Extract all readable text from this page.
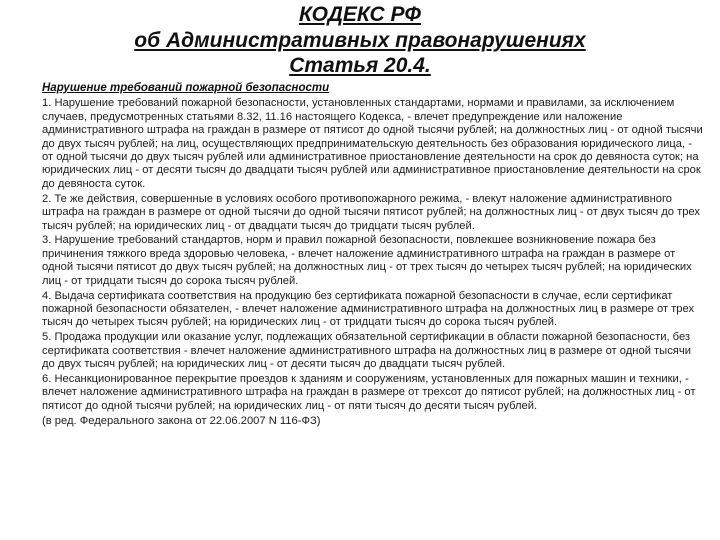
КОДЕКС РФ
об Административных правонарушениях
Статья 20.4.

Нарушение требований пожарной безопасности

1. Нарушение требований пожарной безопасности, установленных стандартами, нормами и правилами, за исключением случаев, предусмотренных статьями 8.32, 11.16 настоящего Кодекса, - влечет предупреждение или наложение административного штрафа на граждан в размере от пятисот до одной тысячи рублей; на должностных лиц - от одной тысячи до двух тысяч рублей; на лиц, осуществляющих предпринимательскую деятельность без образования юридического лица, - от одной тысячи до двух тысяч рублей или административное приостановление деятельности на срок до девяноста суток; на юридических лиц - от десяти тысяч до двадцати тысяч рублей или административное приостановление деятельности на срок до девяноста суток.

2. Те же действия, совершенные в условиях особого противопожарного режима, - влекут наложение административного штрафа на граждан в размере от одной тысячи до одной тысячи пятисот рублей; на должностных лиц - от двух тысяч до трех тысяч рублей; на юридических лиц - от двадцати тысяч до тридцати тысяч рублей.

3. Нарушение требований стандартов, норм и правил пожарной безопасности, повлекшее возникновение пожара без причинения тяжкого вреда здоровью человека, - влечет наложение административного штрафа на граждан в размере от одной тысячи пятисот до двух тысяч рублей; на должностных лиц - от трех тысяч до четырех тысяч рублей; на юридических лиц - от тридцати тысяч до сорока тысяч рублей.

4. Выдача сертификата соответствия на продукцию без сертификата пожарной безопасности в случае, если сертификат пожарной безопасности обязателен, - влечет наложение административного штрафа на должностных лиц в размере от трех тысяч до четырех тысяч рублей; на юридических лиц - от тридцати тысяч до сорока тысяч рублей.

5. Продажа продукции или оказание услуг, подлежащих обязательной сертификации в области пожарной безопасности, без сертификата соответствия - влечет наложение административного штрафа на должностных лиц в размере от одной тысячи до двух тысяч рублей; на юридических лиц - от десяти тысяч до двадцати тысяч рублей.

6. Несанкционированное перекрытие проездов к зданиям и сооружениям, установленных для пожарных машин и техники, - влечет наложение административного штрафа на граждан в размере от трехсот до пятисот рублей; на должностных лиц - от пятисот до одной тысячи рублей; на юридических лиц - от пяти тысяч до десяти тысяч рублей.

(в ред. Федерального закона от 22.06.2007 N 116-ФЗ)
